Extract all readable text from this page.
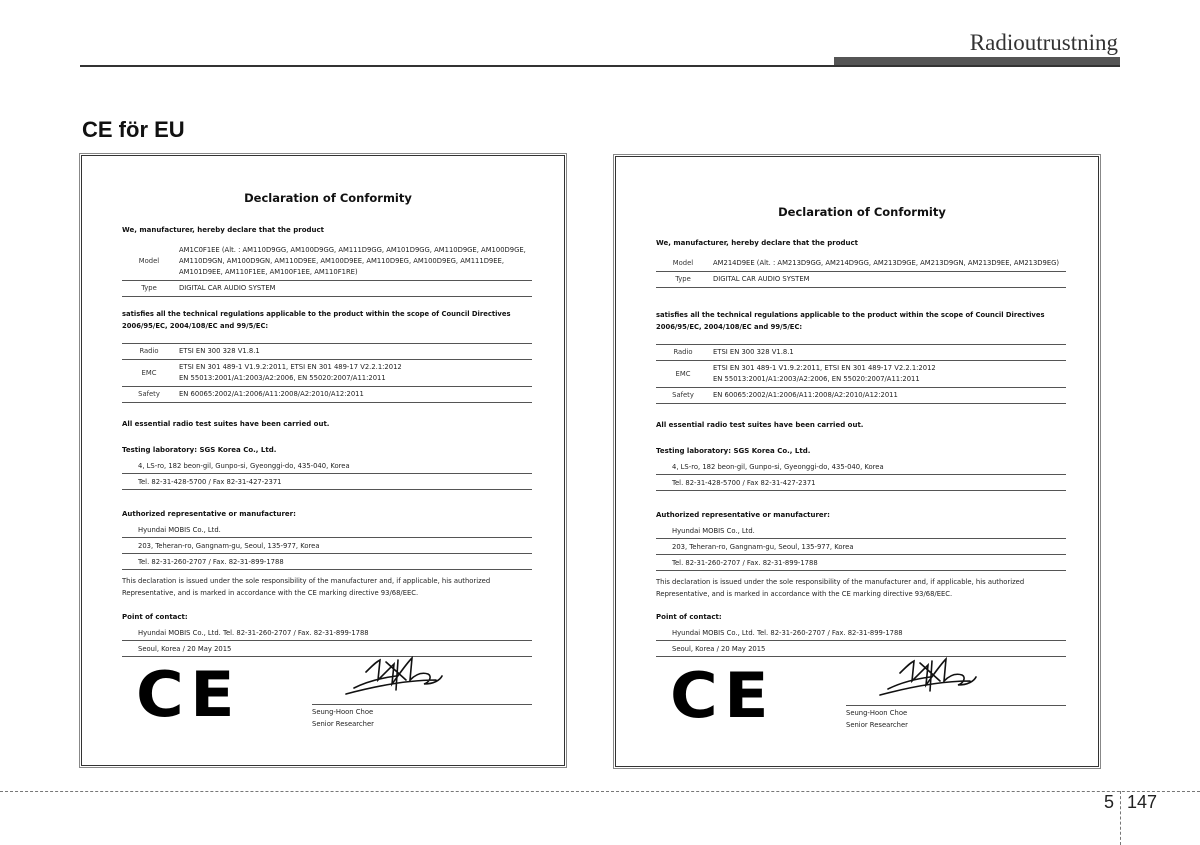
Radioutrustning
CE för EU
Declaration of Conformity
We, manufacturer, hereby declare that the product
Model	AM1C0F1EE (Alt. : AM110D9GG, AM100D9GG, AM111D9GG, AM101D9GG, AM110D9GE, AM100D9GE, AM110D9GN, AM100D9GN, AM110D9EE, AM100D9EE, AM110D9EG, AM100D9EG, AM111D9EE, AM101D9EE, AM110F1EE, AM100F1EE, AM110F1RE)
Type	DIGITAL CAR AUDIO SYSTEM
satisfies all the technical regulations applicable to the product within the scope of Council Directives 2006/95/EC, 2004/108/EC and 99/5/EC:
Radio	ETSI EN 300 328 V1.8.1
EMC	ETSI EN 301 489-1 V1.9.2:2011, ETSI EN 301 489-17 V2.2.1:2012
EN 55013:2001/A1:2003/A2:2006, EN 55020:2007/A11:2011

Safety	EN 60065:2002/A1:2006/A11:2008/A2:2010/A12:2011
All essential radio test suites have been carried out.
Testing laboratory: SGS Korea Co., Ltd.
4, LS-ro, 182 beon-gil, Gunpo-si, Gyeonggi-do, 435-040, Korea
Tel. 82-31-428-5700 / Fax 82-31-427-2371
Authorized representative or manufacturer:
Hyundai MOBIS Co., Ltd.
203, Teheran-ro, Gangnam-gu, Seoul, 135-977, Korea
Tel. 82-31-260-2707 / Fax. 82-31-899-1788
This declaration is issued under the sole responsibility of the manufacturer and, if applicable, his authorized Representative, and is marked in accordance with the CE marking directive 93/68/EEC.
Point of contact:
Hyundai MOBIS Co., Ltd. Tel. 82-31-260-2707 / Fax. 82-31-899-1788
Seoul, Korea / 20 May 2015
CE	Seung-Hoon Choe
Senior Researcher
Declaration of Conformity
We, manufacturer, hereby declare that the product
Model	AM214D9EE (Alt. : AM213D9GG, AM214D9GG, AM213D9GE, AM213D9GN, AM213D9EE, AM213D9EG)
Type	DIGITAL CAR AUDIO SYSTEM
satisfies all the technical regulations applicable to the product within the scope of Council Directives 2006/95/EC, 2004/108/EC and 99/5/EC:
Radio	ETSI EN 300 328 V1.8.1
EMC	ETSI EN 301 489-1 V1.9.2:2011, ETSI EN 301 489-17 V2.2.1:2012
EN 55013:2001/A1:2003/A2:2006, EN 55020:2007/A11:2011

Safety	EN 60065:2002/A1:2006/A11:2008/A2:2010/A12:2011
All essential radio test suites have been carried out.
Testing laboratory: SGS Korea Co., Ltd.
4, LS-ro, 182 beon-gil, Gunpo-si, Gyeonggi-do, 435-040, Korea
Tel. 82-31-428-5700 / Fax 82-31-427-2371
Authorized representative or manufacturer:
Hyundai MOBIS Co., Ltd.
203, Teheran-ro, Gangnam-gu, Seoul, 135-977, Korea
Tel. 82-31-260-2707 / Fax. 82-31-899-1788
This declaration is issued under the sole responsibility of the manufacturer and, if applicable, his authorized Representative, and is marked in accordance with the CE marking directive 93/68/EEC.
Point of contact:
Hyundai MOBIS Co., Ltd. Tel. 82-31-260-2707 / Fax. 82-31-899-1788
Seoul, Korea / 20 May 2015
CE	Seung-Hoon Choe
Senior Researcher
5 147
